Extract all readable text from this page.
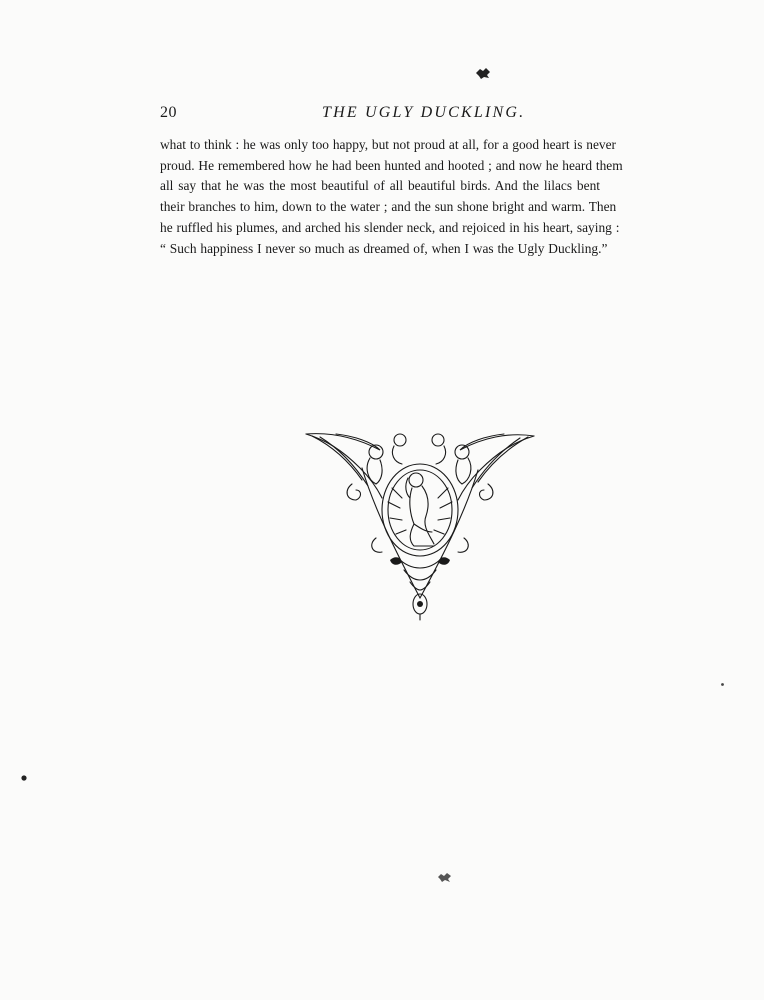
20	THE UGLY DUCKLING.
what to think : he was only too happy, but not proud at all, for a good heart is never
proud. He remembered how he had been hunted and hooted ; and now he heard them
all say that he was the most beautiful of all beautiful birds. And the lilacs bent
their branches to him, down to the water ; and the sun shone bright and warm. Then
he ruffled his plumes, and arched his slender neck, and rejoiced in his heart, saying :
“ Such happiness I never so much as dreamed of, when I was the Ugly Duckling.”
